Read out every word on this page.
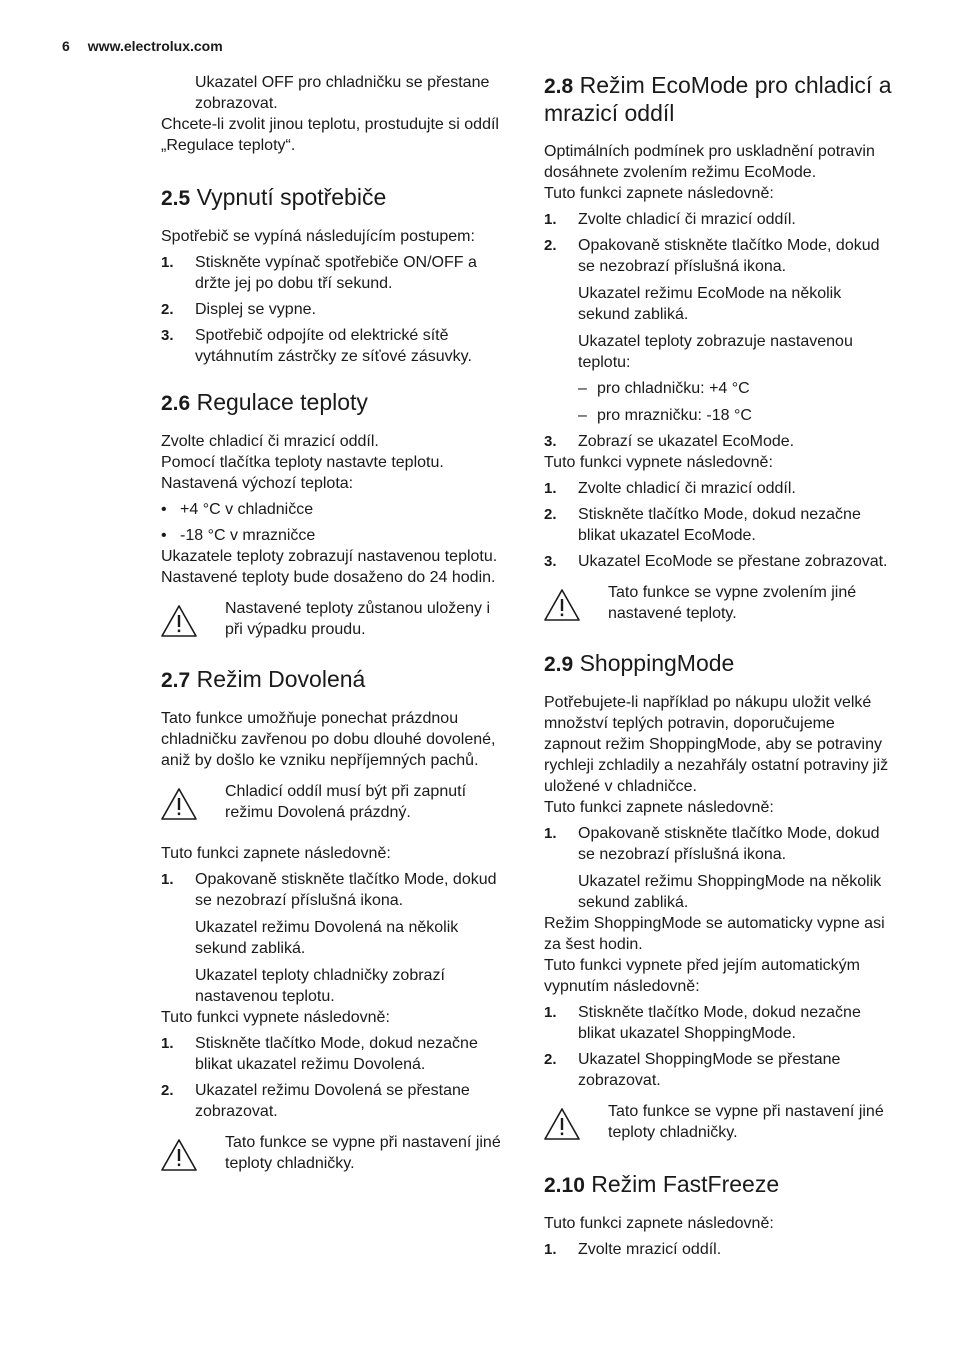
6 www.electrolux.com

Ukazatel OFF pro chladničku se přestane zobrazovat.

Chcete-li zvolit jinou teplotu, prostudujte si oddíl „Regulace teploty“.

2.5 Vypnutí spotřebiče

Spotřebič se vypíná následujícím postupem:

1.	Stiskněte vypínač spotřebiče ON/OFF a držte jej po dobu tří sekund.
2.	Displej se vypne.
3.	Spotřebič odpojíte od elektrické sítě vytáhnutím zástrčky ze síťové zásuvky.
2.6 Regulace teploty

Zvolte chladicí či mrazicí oddíl.

Pomocí tlačítka teploty nastavte teplotu.

Nastavená výchozí teplota:

• +4 °C v chladničce
• -18 °C v mrazničce

Ukazatele teploty zobrazují nastavenou teplotu.

Nastavené teploty bude dosaženo do 24 hodin.

Nastavené teploty zůstanou uloženy i při výpadku proudu.

2.7 Režim Dovolená

Tato funkce umožňuje ponechat prázdnou chladničku zavřenou po dobu dlouhé dovolené, aniž by došlo ke vzniku nepříjemných pachů.

Chladicí oddíl musí být při zapnutí režimu Dovolená prázdný.

Tuto funkci zapnete následovně:

1.	Opakovaně stiskněte tlačítko Mode, dokud se nezobrazí příslušná ikona.

Ukazatel režimu Dovolená na několik sekund zabliká.

Ukazatel teploty chladničky zobrazí nastavenou teplotu.

Tuto funkci vypnete následovně:

1.	Stiskněte tlačítko Mode, dokud nezačne blikat ukazatel režimu Dovolená.
2.	Ukazatel režimu Dovolená se přestane zobrazovat.

Tato funkce se vypne při nastavení jiné teploty chladničky.

2.8 Režim EcoMode pro chladicí a mrazicí oddíl

Optimálních podmínek pro uskladnění potravin dosáhnete zvolením režimu EcoMode.

Tuto funkci zapnete následovně:

1.	Zvolte chladicí či mrazicí oddíl.
2.	Opakovaně stiskněte tlačítko Mode, dokud se nezobrazí příslušná ikona.

Ukazatel režimu EcoMode na několik sekund zabliká.

Ukazatel teploty zobrazuje nastavenou teplotu:

– pro chladničku: +4 °C
– pro mrazničku: -18 °C
3.	Zobrazí se ukazatel EcoMode.

Tuto funkci vypnete následovně:

1.	Zvolte chladicí či mrazicí oddíl.
2.	Stiskněte tlačítko Mode, dokud nezačne blikat ukazatel EcoMode.
3.	Ukazatel EcoMode se přestane zobrazovat.

Tato funkce se vypne zvolením jiné nastavené teploty.

2.9 ShoppingMode

Potřebujete-li například po nákupu uložit velké množství teplých potravin, doporučujeme zapnout režim ShoppingMode, aby se potraviny rychleji zchladily a nezahřály ostatní potraviny již uložené v chladničce.

Tuto funkci zapnete následovně:

1.	Opakovaně stiskněte tlačítko Mode, dokud se nezobrazí příslušná ikona.

Ukazatel režimu ShoppingMode na několik sekund zabliká.

Režim ShoppingMode se automaticky vypne asi za šest hodin.

Tuto funkci vypnete před jejím automatickým vypnutím následovně:

1.	Stiskněte tlačítko Mode, dokud nezačne blikat ukazatel ShoppingMode.
2.	Ukazatel ShoppingMode se přestane zobrazovat.

Tato funkce se vypne při nastavení jiné teploty chladničky.

2.10 Režim FastFreeze

Tuto funkci zapnete následovně:

1.	Zvolte mrazicí oddíl.
